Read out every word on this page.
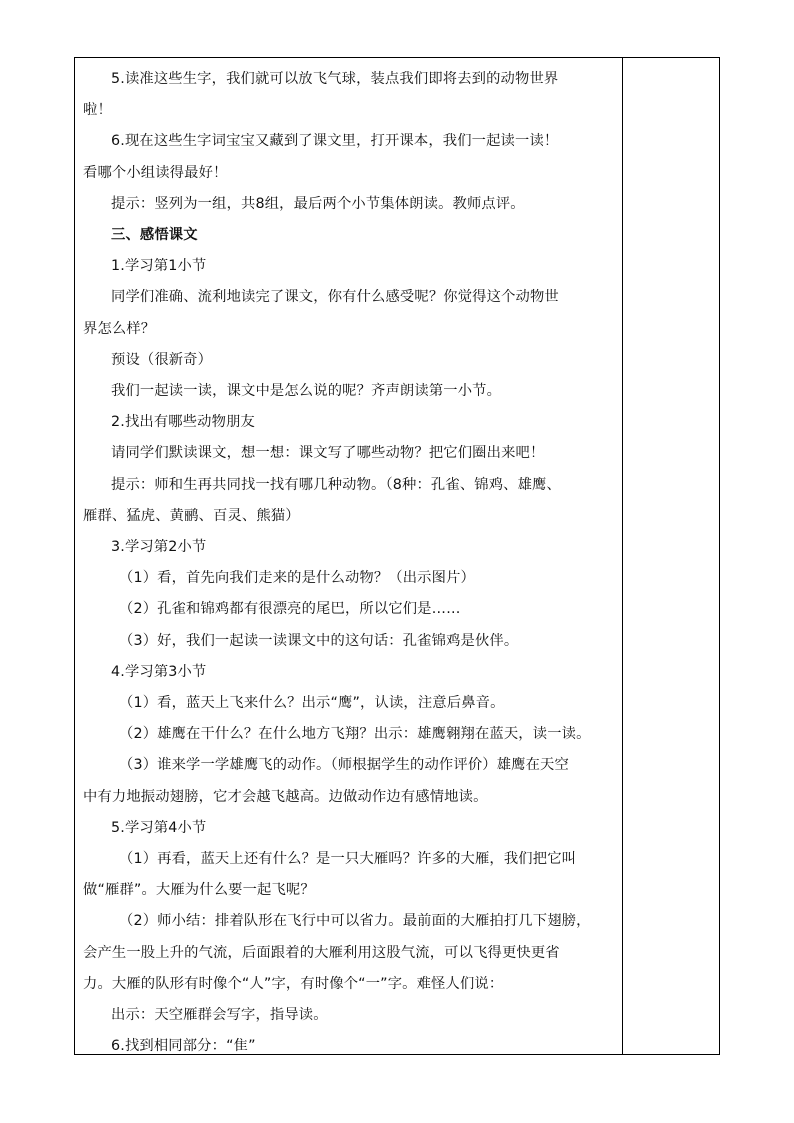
5.读准这些生字，我们就可以放飞气球，装点我们即将去到的动物世界
啦！
6.现在这些生字词宝宝又藏到了课文里，打开课本，我们一起读一读！
看哪个小组读得最好！
提示：竖列为一组，共8组，最后两个小节集体朗读。教师点评。
三、感悟课文
1.学习第1小节
同学们准确、流利地读完了课文，你有什么感受呢？你觉得这个动物世
界怎么样？
预设（很新奇）
我们一起读一读，课文中是怎么说的呢？齐声朗读第一小节。
2.找出有哪些动物朋友
请同学们默读课文，想一想：课文写了哪些动物？把它们圈出来吧！
提示：师和生再共同找一找有哪几种动物。（8种：孔雀、锦鸡、雄鹰、
雁群、猛虎、黄鹂、百灵、熊猫）
3.学习第2小节
（1）看，首先向我们走来的是什么动物？（出示图片）
（2）孔雀和锦鸡都有很漂亮的尾巴，所以它们是……
（3）好，我们一起读一读课文中的这句话：孔雀锦鸡是伙伴。
4.学习第3小节
（1）看，蓝天上飞来什么？出示“鹰”，认读，注意后鼻音。
（2）雄鹰在干什么？在什么地方飞翔？出示：雄鹰翱翔在蓝天，读一读。
（3）谁来学一学雄鹰飞的动作。（师根据学生的动作评价）雄鹰在天空
中有力地振动翅膀，它才会越飞越高。边做动作边有感情地读。
5.学习第4小节
（1）再看，蓝天上还有什么？是一只大雁吗？许多的大雁，我们把它叫
做“雁群”。大雁为什么要一起飞呢？
（2）师小结：排着队形在飞行中可以省力。最前面的大雁拍打几下翅膀，
会产生一股上升的气流，后面跟着的大雁利用这股气流，可以飞得更快更省
力。大雁的队形有时像个“人”字，有时像个“一”字。难怪人们说：
出示：天空雁群会写字，指导读。
6.找到相同部分：“隹”
